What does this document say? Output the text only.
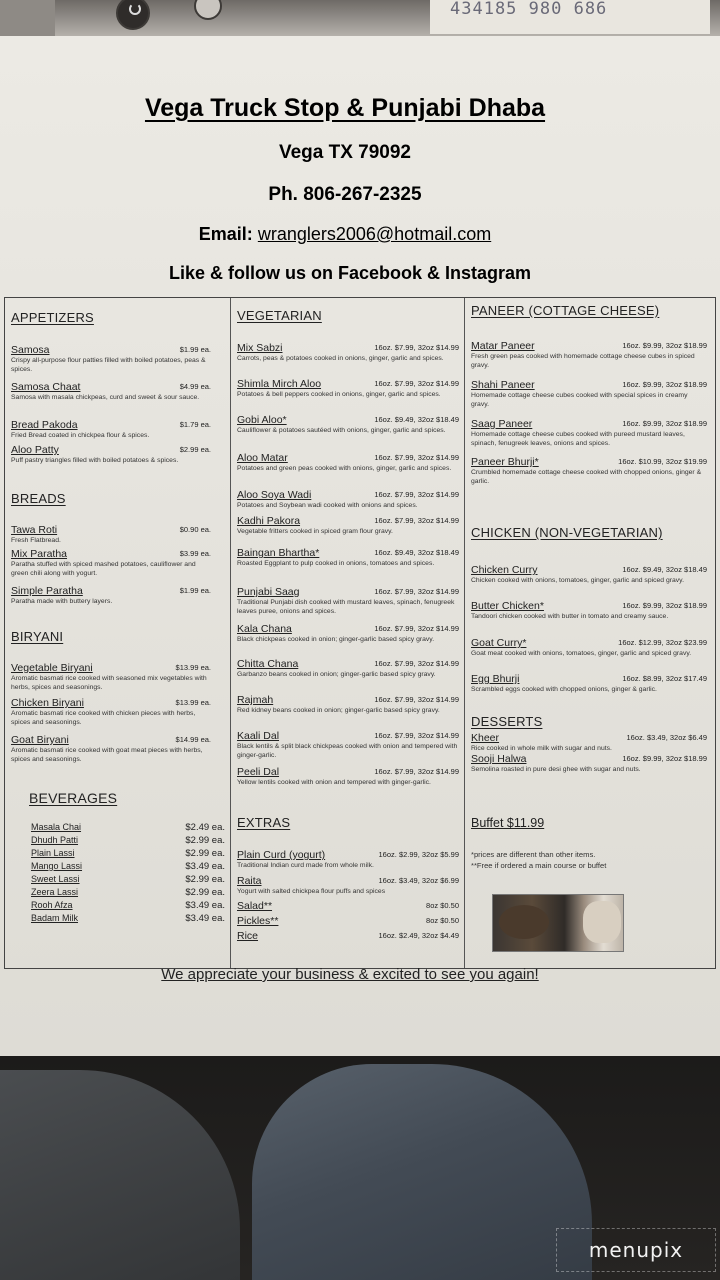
434185 980 686
Vega Truck Stop & Punjabi Dhaba
Vega TX 79092
Ph. 806-267-2325
Email: wranglers2006@hotmail.com
Like & follow us on Facebook & Instagram
APPETIZERS
Samosa	$1.99 ea.
Crispy all-purpose flour patties filled with boiled potatoes, peas & spices.
Samosa Chaat	$4.99 ea.
Samosa with masala chickpeas, curd and sweet & sour sauce.
Bread Pakoda	$1.79 ea.
Fried Bread coated in chickpea flour & spices.
Aloo Patty	$2.99 ea.
Puff pastry triangles filled with boiled potatoes & spices.
BREADS
Tawa Roti	$0.90 ea.
Fresh Flatbread.
Mix Paratha	$3.99 ea.
Paratha stuffed with spiced mashed potatoes, cauliflower and green chili along with yogurt.
Simple Paratha	$1.99 ea.
Paratha made with buttery layers.
BIRYANI
Vegetable Biryani	$13.99 ea.
Aromatic basmati rice cooked with seasoned mix vegetables with herbs, spices and seasonings.
Chicken Biryani	$13.99 ea.
Aromatic basmati rice cooked with chicken pieces with herbs, spices and seasonings.
Goat Biryani	$14.99 ea.
Aromatic basmati rice cooked with goat meat pieces with herbs, spices and seasonings.
BEVERAGES
Masala Chai	$2.49 ea.
Dhudh Patti	$2.99 ea.
Plain Lassi	$2.99 ea.
Mango Lassi	$3.49 ea.
Sweet Lassi	$2.99 ea.
Zeera Lassi	$2.99 ea.
Rooh Afza	$3.49 ea.
Badam Milk	$3.49 ea.
VEGETARIAN
Mix Sabzi	16oz. $7.99, 32oz $14.99
Carrots, peas & potatoes cooked in onions, ginger, garlic and spices.
Shimla Mirch Aloo	16oz. $7.99, 32oz $14.99
Potatoes & bell peppers cooked in onions, ginger, garlic and spices.
Gobi Aloo*	16oz. $9.49, 32oz $18.49
Cauliflower & potatoes sautéed with onions, ginger, garlic and spices.
Aloo Matar	16oz. $7.99, 32oz $14.99
Potatoes and green peas cooked with onions, ginger, garlic and spices.
Aloo Soya Wadi	16oz. $7.99, 32oz $14.99
Potatoes and Soybean wadi cooked with onions and spices.
Kadhi Pakora	16oz. $7.99, 32oz $14.99
Vegetable fritters cooked in spiced gram flour gravy.
Baingan Bhartha*	16oz. $9.49, 32oz $18.49
Roasted Eggplant to pulp cooked in onions, tomatoes and spices.
Punjabi Saag	16oz. $7.99, 32oz $14.99
Traditional Punjabi dish cooked with mustard leaves, spinach, fenugreek leaves puree, onions and spices.
Kala Chana	16oz. $7.99, 32oz $14.99
Black chickpeas cooked in onion; ginger-garlic based spicy gravy.
Chitta Chana	16oz. $7.99, 32oz $14.99
Garbanzo beans cooked in onion; ginger-garlic based spicy gravy.
Rajmah	16oz. $7.99, 32oz $14.99
Red kidney beans cooked in onion; ginger-garlic based spicy gravy.
Kaali Dal	16oz. $7.99, 32oz $14.99
Black lentils & split black chickpeas cooked with onion and tempered with ginger-garlic.
Peeli Dal	16oz. $7.99, 32oz $14.99
Yellow lentils cooked with onion and tempered with ginger-garlic.
EXTRAS
Plain Curd (yogurt)	16oz. $2.99, 32oz $5.99
Traditional Indian curd made from whole milk.
Raita	16oz. $3.49, 32oz $6.99
Yogurt with salted chickpea flour puffs and spices
Salad**	8oz $0.50
Pickles**	8oz $0.50
Rice	16oz. $2.49, 32oz $4.49
Buffet $11.99
*prices are different than other items.
**Free if ordered a main course or buffet
PANEER (COTTAGE CHEESE)
Matar Paneer	16oz. $9.99, 32oz $18.99
Fresh green peas cooked with homemade cottage cheese cubes in spiced gravy.
Shahi Paneer	16oz. $9.99, 32oz $18.99
Homemade cottage cheese cubes cooked with special spices in creamy gravy.
Saag Paneer	16oz. $9.99, 32oz $18.99
Homemade cottage cheese cubes cooked with pureed mustard leaves, spinach, fenugreek leaves, onions and spices.
Paneer Bhurji*	16oz. $10.99, 32oz $19.99
Crumbled homemade cottage cheese cooked with chopped onions, ginger & garlic.
CHICKEN (NON-VEGETARIAN)
Chicken Curry	16oz. $9.49, 32oz $18.49
Chicken cooked with onions, tomatoes, ginger, garlic and spiced gravy.
Butter Chicken*	16oz. $9.99, 32oz $18.99
Tandoori chicken cooked with butter in tomato and creamy sauce.
Goat Curry*	16oz. $12.99, 32oz $23.99
Goat meat cooked with onions, tomatoes, ginger, garlic and spiced gravy.
Egg Bhurji	16oz. $8.99, 32oz $17.49
Scrambled eggs cooked with chopped onions, ginger & garlic.
DESSERTS
Kheer	16oz. $3.49, 32oz $6.49
Rice cooked in whole milk with sugar and nuts.
Sooji Halwa	16oz. $9.99, 32oz $18.99
Semolina roasted in pure desi ghee with sugar and nuts.
We appreciate your business & excited to see you again!
menupix
